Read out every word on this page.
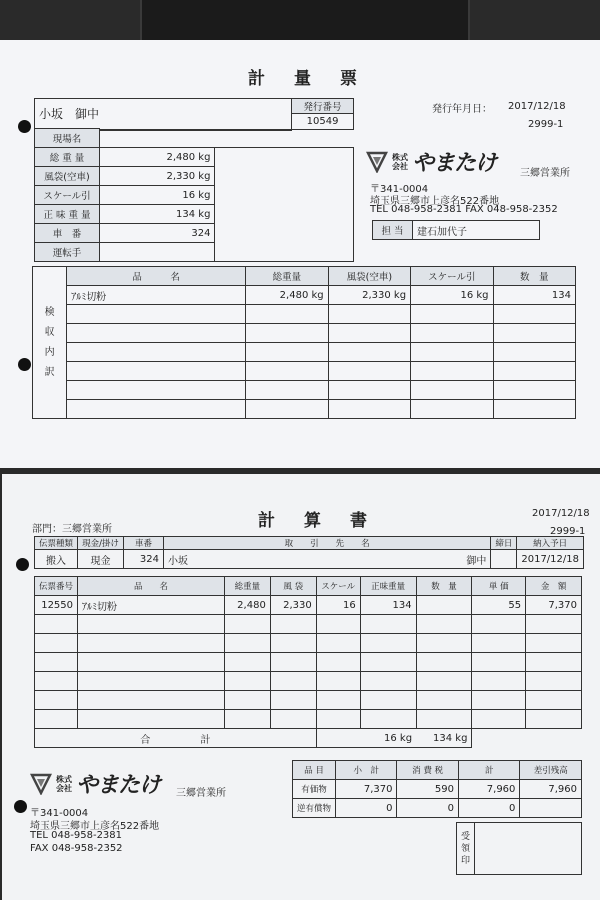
計　量　票
小坂　御中	発行番号
10549
発行年月日： 2017/12/18
2999-1
現場名		
総 重 量	2,480 kg	
風袋(空車)	2,330 kg	
スケール引	16 kg	
正 味 重 量	134 kg	
車　番	324	
運転手		
株式
会社 やまたけ 三郷営業所
〒341-0004
埼玉県三郷市上彦名522番地
TEL 048-958-2381 FAX 048-958-2352
担 当	建石加代子
検
収
内
訳	品　　　名	総重量	風袋(空車)	スケール引	数　量
	ｱﾙﾐ切粉	2,480 kg	2,330 kg	16 kg	134

計　算　書	2017/12/18
部門：三郷営業所	2999-1
伝票種類	現金/掛け	車番	取　　引　　先　　名		締日	納入予日
搬入	現金	324	小坂	御中		2017/12/18
伝票番号	品　　名	総重量	風 袋	スケール	正味重量	数　量	単 価	金　額
12550	ｱﾙﾐ切粉	2,480	2,330	16	134		55	7,370

合　　　　　計				16 kg		134 kg		
品 目	小　計	消 費 税	計	差引残高
有価物	7,370	590	7,960	7,960
逆有償物	0	0	0	
受
領
印

株式
会社 やまたけ 三郷営業所
〒341-0004
埼玉県三郷市上彦名522番地
TEL 048-958-2381
FAX 048-958-2352
